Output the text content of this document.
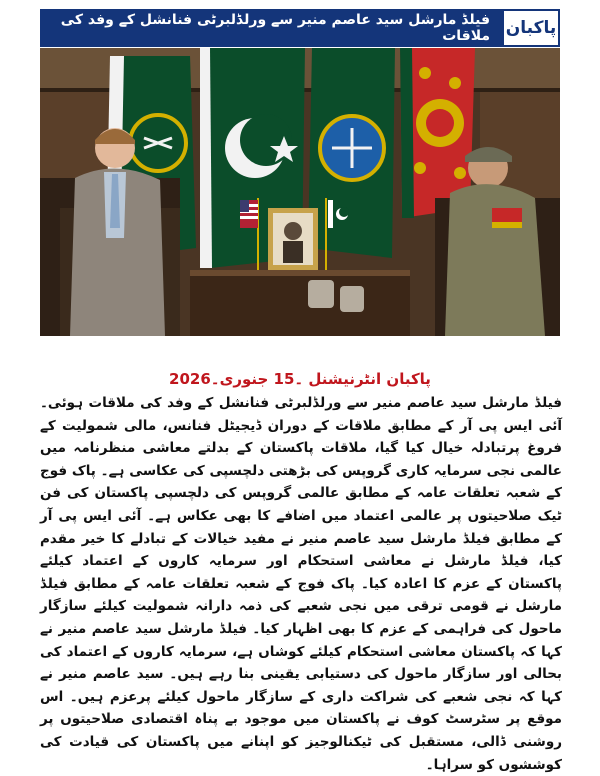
پاکبان
فیلڈ مارشل سید عاصم منیر سے ورلڈلبرٹی فنانشل کے وفد کی ملاقات
پاکبان انٹرنیشنل ۔15 جنوری۔2026
فیلڈ مارشل سید عاصم منیر سے ورلڈلبرٹی فنانشل کے وفد کی ملاقات ہوئی۔ آئی ایس پی آر کے مطابق ملاقات کے دوران ڈیجیٹل فنانس، مالی شمولیت کے فروغ پرتبادلہ خیال کیا گیا، ملاقات پاکستان کے بدلتے معاشی منظرنامہ میں عالمی نجی سرمایہ کاری گروپس کی بڑھتی دلچسپی کی عکاسی ہے۔ پاک فوج کے شعبہ تعلقات عامہ کے مطابق عالمی گروپس کی دلچسپی پاکستان کی فن ٹیک صلاحیتوں پر عالمی اعتماد میں اضافے کا بھی عکاس ہے۔ آئی ایس پی آر کے مطابق فیلڈ مارشل سید عاصم منیر نے مفید خیالات کے تبادلے کا خیر مقدم کیا، فیلڈ مارشل نے معاشی استحکام اور سرمایہ کاروں کے اعتماد کیلئے پاکستان کے عزم کا اعادہ کیا۔ پاک فوج کے شعبہ تعلقات عامہ کے مطابق فیلڈ مارشل نے قومی ترقی میں نجی شعبے کی ذمہ دارانہ شمولیت کیلئے سازگار ماحول کی فراہمی کے عزم کا بھی اظہار کیا۔ فیلڈ مارشل سید عاصم منیر نے کہا کہ پاکستان معاشی استحکام کیلئے کوشاں ہے، سرمایہ کاروں کے اعتماد کی بحالی اور سازگار ماحول کی دستیابی یقینی بنا رہے ہیں۔ سید عاصم منیر نے کہا کہ نجی شعبے کی شراکت داری کے سازگار ماحول کیلئے پرعزم ہیں۔ اس موقع پر سٹرسٹ کوف نے پاکستان میں موجود بے پناہ اقتصادی صلاحیتوں پر روشنی ڈالی، مستقبل کی ٹیکنالوجیز کو اپنانے میں پاکستان کی قیادت کی کوششوں کو سراہا۔
